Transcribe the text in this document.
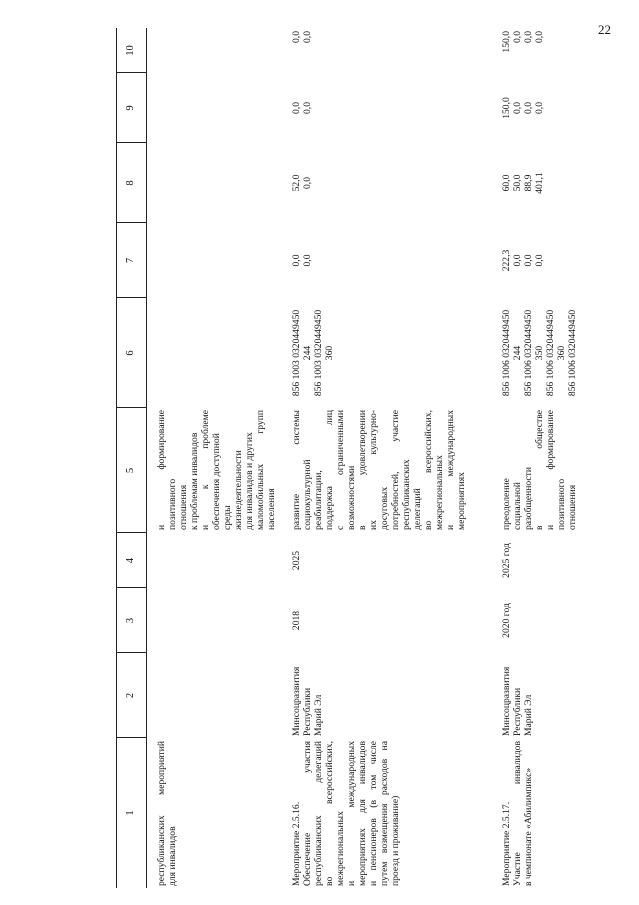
22
1
2
3
4
5
6
7
8
9
10
республиканских мероприятий для инвалидов
и формирование позитивного отношения к проблемам инвалидов и к проблеме обеспечения доступной среды жизнедеятельности для инвалидов и других маломобильных групп населения
Мероприятие 2.5.16. Обеспечение участия республиканских делегаций во всероссийских, межрегиональных и международных мероприятиях для инвалидов и пенсионеров (в том числе путем возмещения расходов на проезд и проживание)
Минсоцразвития Республики Марий Эл
2018
2025
развитие системы социокультурной реабилитации, поддержка лиц с ограниченными возможностями в удовлетворении их культурно- досуговых потребностей, участие республиканских делегаций во всероссийских, межрегиональных и международных мероприятиях
856 1003 0320449450 244 856 1003 0320449450 360
0,0 0,0
52,0 0,0
0,0 0,0
0,0 0,0
Мероприятие 2.5.17. Участие инвалидов в чемпионате «Абилимпикс»
Минсоцразвития Республики Марий Эл
2020 год
2025 год
преодоление социальной разобщенности в обществе и формирование позитивного отношения
856 1006 0320449450 244 856 1006 0320449450 350 856 1006 0320449450 360 856 1006 0320449450
222,3 0,0 0,0 0,0
60,0 50,0 88,9 401,1
150,0 0,0 0,0 0,0
150,0 0,0 0,0 0,0
